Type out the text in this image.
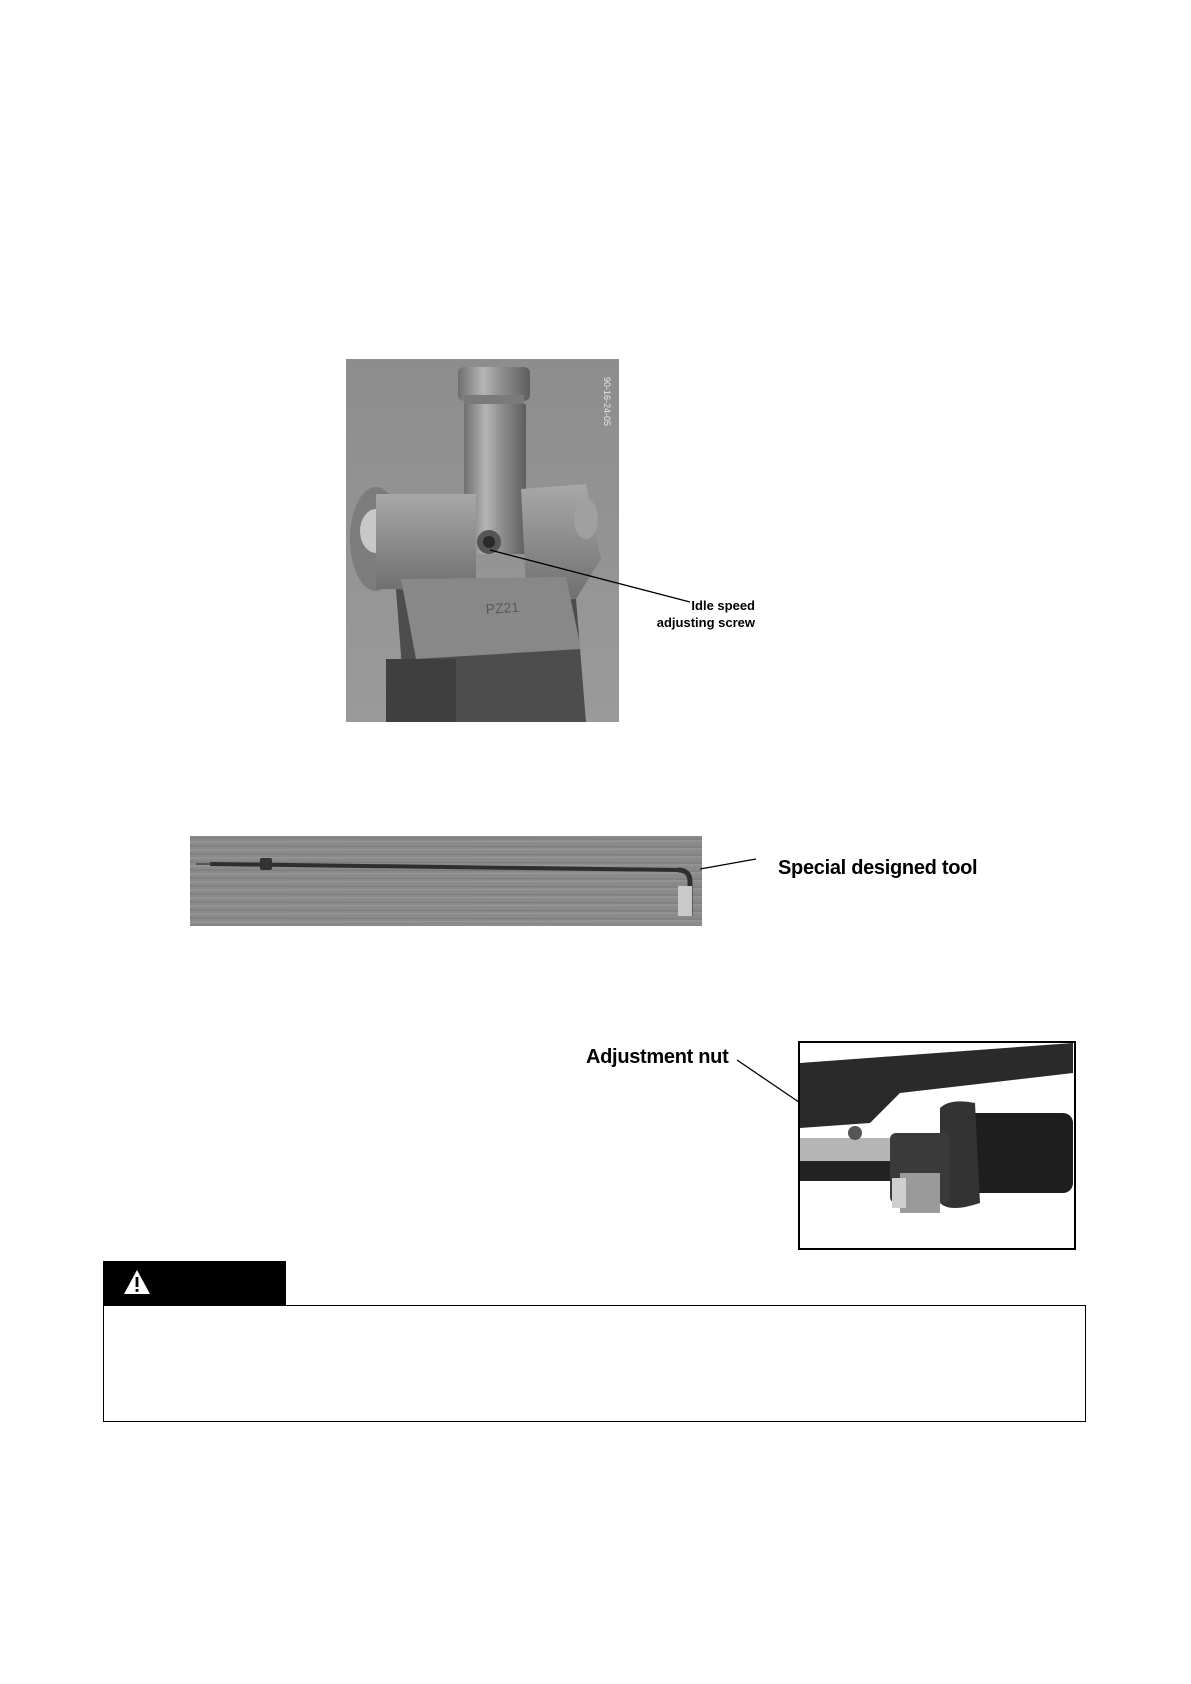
PZ21
90-16-24-05
Idle speed
adjusting screw
Special designed tool
Adjustment nut
